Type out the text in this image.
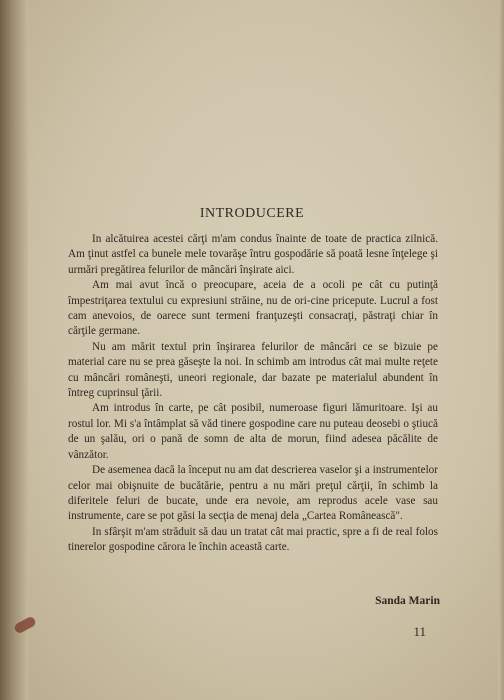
INTRODUCERE

In alcătuirea acestei cărţi m'am condus înainte de toate de practica zilnică. Am ţinut astfel ca bunele mele tovarăşe întru gospodărie să poată lesne înţelege şi urmări pregătirea felurilor de mâncări înşirate aici.

Am mai avut încă o preocupare, aceia de a ocoli pe cât cu putinţă împestriţarea textului cu expresiuni străine, nu de ori-cine pricepute. Lucrul a fost cam anevoios, de oarece sunt termeni franţuzeşti consacraţi, păstraţi chiar în cărţile germane.

Nu am mărit textul prin înşirarea felurilor de mâncări ce se bizuie pe material care nu se prea găseşte la noi. In schimb am introdus cât mai multe reţete cu mâncări româneşti, uneori regionale, dar bazate pe materialul abundent în întreg cuprinsul ţării.

Am introdus în carte, pe cât posibil, numeroase figuri lămuritoare. Işi au rostul lor. Mi s'a întâmplat să văd tinere gospodine care nu puteau deosebi o ştiucă de un şalău, ori o pană de somn de alta de morun, fiind adesea păcălite de vânzător.

De asemenea dacă la început nu am dat descrierea vaselor şi a instrumentelor celor mai obişnuite de bucătărie, pentru a nu mări preţul cărţii, în schimb la diferitele feluri de bucate, unde era nevoie, am reprodus acele vase sau instrumente, care se pot găsi la secţia de menaj dela „Cartea Românească".

In sfârşit m'am străduit să dau un tratat cât mai practic, spre a fi de real folos tinerelor gospodine cărora le închin această carte.

Sanda Marin
11
